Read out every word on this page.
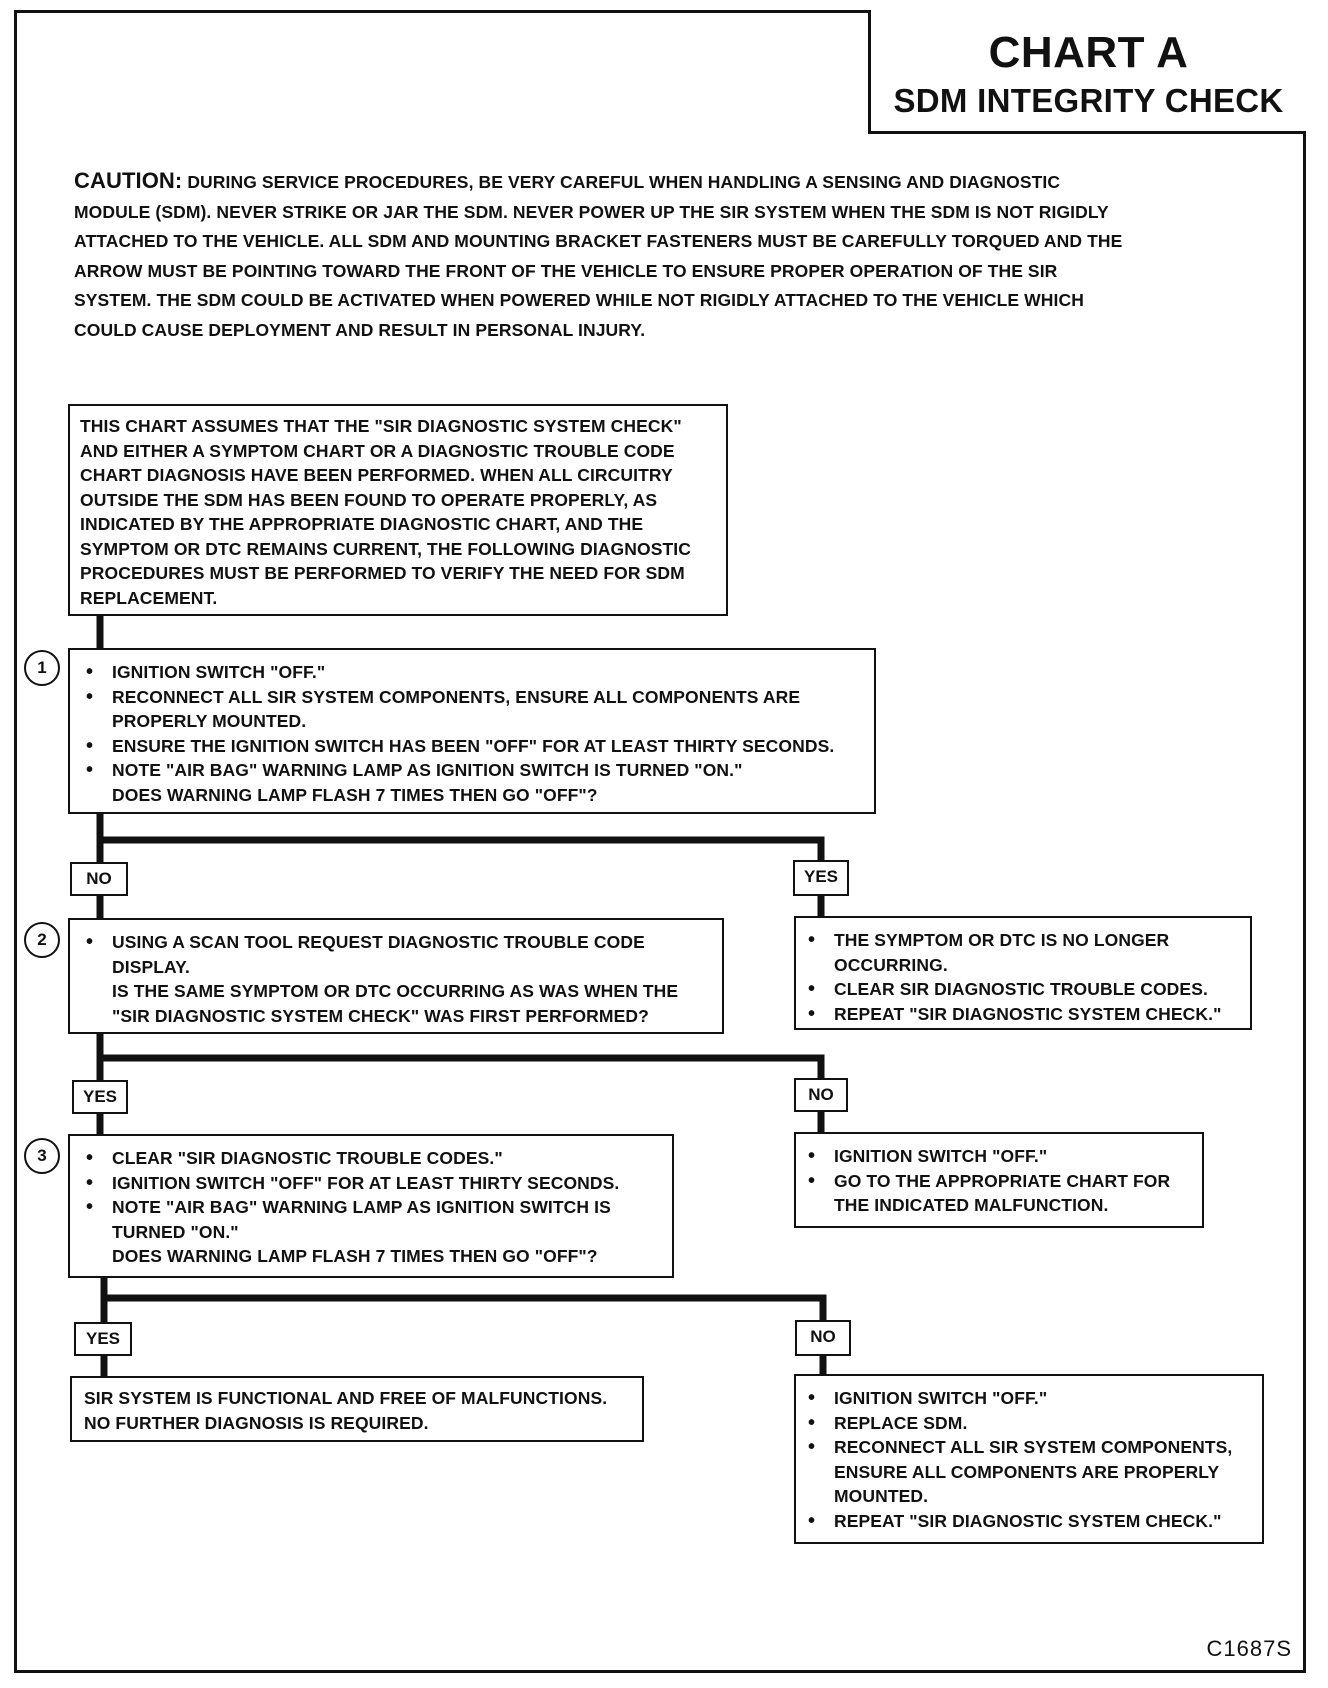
CHART A
SDM INTEGRITY CHECK
CAUTION: DURING SERVICE PROCEDURES, BE VERY CAREFUL WHEN HANDLING A SENSING AND DIAGNOSTIC MODULE (SDM). NEVER STRIKE OR JAR THE SDM. NEVER POWER UP THE SIR SYSTEM WHEN THE SDM IS NOT RIGIDLY ATTACHED TO THE VEHICLE. ALL SDM AND MOUNTING BRACKET FASTENERS MUST BE CAREFULLY TORQUED AND THE ARROW MUST BE POINTING TOWARD THE FRONT OF THE VEHICLE TO ENSURE PROPER OPERATION OF THE SIR SYSTEM. THE SDM COULD BE ACTIVATED WHEN POWERED WHILE NOT RIGIDLY ATTACHED TO THE VEHICLE WHICH COULD CAUSE DEPLOYMENT AND RESULT IN PERSONAL INJURY.
THIS CHART ASSUMES THAT THE "SIR DIAGNOSTIC SYSTEM CHECK" AND EITHER A SYMPTOM CHART OR A DIAGNOSTIC TROUBLE CODE CHART DIAGNOSIS HAVE BEEN PERFORMED. WHEN ALL CIRCUITRY OUTSIDE THE SDM HAS BEEN FOUND TO OPERATE PROPERLY, AS INDICATED BY THE APPROPRIATE DIAGNOSTIC CHART, AND THE SYMPTOM OR DTC REMAINS CURRENT, THE FOLLOWING DIAGNOSTIC PROCEDURES MUST BE PERFORMED TO VERIFY THE NEED FOR SDM REPLACEMENT.
1	• IGNITION SWITCH "OFF."
• RECONNECT ALL SIR SYSTEM COMPONENTS, ENSURE ALL COMPONENTS ARE PROPERLY MOUNTED.
• ENSURE THE IGNITION SWITCH HAS BEEN "OFF" FOR AT LEAST THIRTY SECONDS.
• NOTE "AIR BAG" WARNING LAMP AS IGNITION SWITCH IS TURNED "ON."
DOES WARNING LAMP FLASH 7 TIMES THEN GO "OFF"?
NO	YES
• THE SYMPTOM OR DTC IS NO LONGER OCCURRING.
• CLEAR SIR DIAGNOSTIC TROUBLE CODES.
• REPEAT "SIR DIAGNOSTIC SYSTEM CHECK."
2	• USING A SCAN TOOL REQUEST DIAGNOSTIC TROUBLE CODE DISPLAY.
IS THE SAME SYMPTOM OR DTC OCCURRING AS WAS WHEN THE "SIR DIAGNOSTIC SYSTEM CHECK" WAS FIRST PERFORMED?
YES	NO
• IGNITION SWITCH "OFF."
• GO TO THE APPROPRIATE CHART FOR THE INDICATED MALFUNCTION.
3	• CLEAR "SIR DIAGNOSTIC TROUBLE CODES."
• IGNITION SWITCH "OFF" FOR AT LEAST THIRTY SECONDS.
• NOTE "AIR BAG" WARNING LAMP AS IGNITION SWITCH IS TURNED "ON."
DOES WARNING LAMP FLASH 7 TIMES THEN GO "OFF"?
YES	NO
SIR SYSTEM IS FUNCTIONAL AND FREE OF MALFUNCTIONS. NO FURTHER DIAGNOSIS IS REQUIRED.
• IGNITION SWITCH "OFF."
• REPLACE SDM.
• RECONNECT ALL SIR SYSTEM COMPONENTS, ENSURE ALL COMPONENTS ARE PROPERLY MOUNTED.
• REPEAT "SIR DIAGNOSTIC SYSTEM CHECK."
C1687S
